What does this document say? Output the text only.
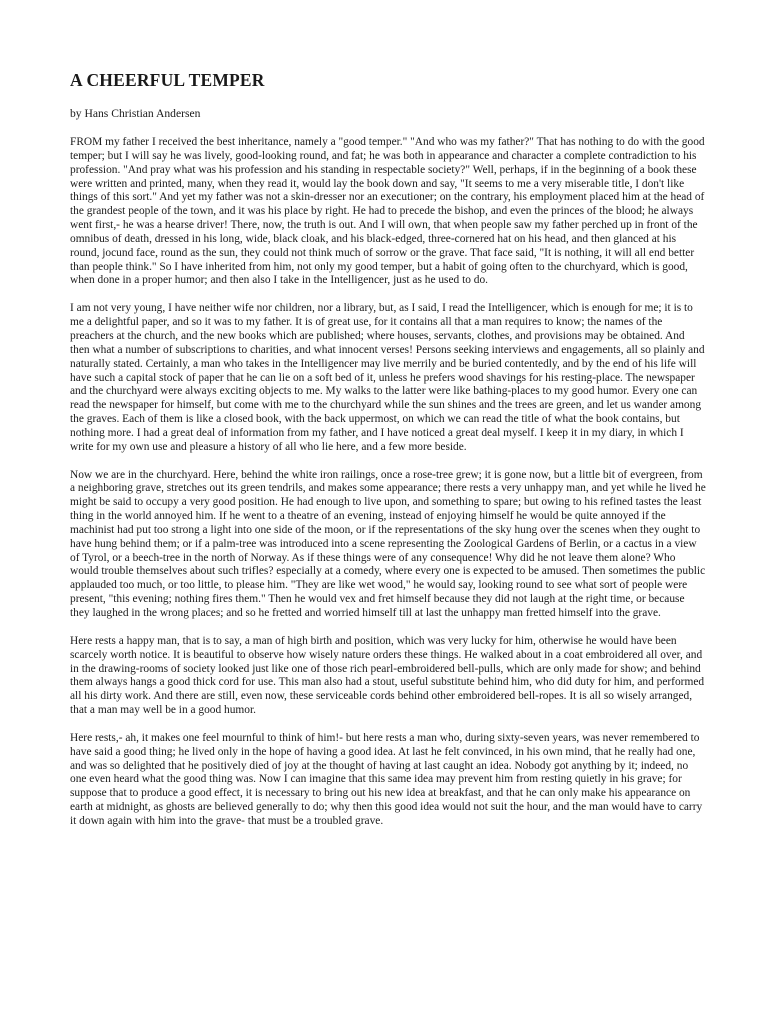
A CHEERFUL TEMPER

by Hans Christian Andersen

FROM my father I received the best inheritance, namely a "good temper." "And who was my father?" That has nothing to do with the good temper; but I will say he was lively, good-looking round, and fat; he was both in appearance and character a complete contradiction to his profession. "And pray what was his profession and his standing in respectable society?" Well, perhaps, if in the beginning of a book these were written and printed, many, when they read it, would lay the book down and say, "It seems to me a very miserable title, I don't like things of this sort." And yet my father was not a skin-dresser nor an executioner; on the contrary, his employment placed him at the head of the grandest people of the town, and it was his place by right. He had to precede the bishop, and even the princes of the blood; he always went first,- he was a hearse driver! There, now, the truth is out. And I will own, that when people saw my father perched up in front of the omnibus of death, dressed in his long, wide, black cloak, and his black-edged, three-cornered hat on his head, and then glanced at his round, jocund face, round as the sun, they could not think much of sorrow or the grave. That face said, "It is nothing, it will all end better than people think." So I have inherited from him, not only my good temper, but a habit of going often to the churchyard, which is good, when done in a proper humor; and then also I take in the Intelligencer, just as he used to do.

I am not very young, I have neither wife nor children, nor a library, but, as I said, I read the Intelligencer, which is enough for me; it is to me a delightful paper, and so it was to my father. It is of great use, for it contains all that a man requires to know; the names of the preachers at the church, and the new books which are published; where houses, servants, clothes, and provisions may be obtained. And then what a number of subscriptions to charities, and what innocent verses! Persons seeking interviews and engagements, all so plainly and naturally stated. Certainly, a man who takes in the Intelligencer may live merrily and be buried contentedly, and by the end of his life will have such a capital stock of paper that he can lie on a soft bed of it, unless he prefers wood shavings for his resting-place. The newspaper and the churchyard were always exciting objects to me. My walks to the latter were like bathing-places to my good humor. Every one can read the newspaper for himself, but come with me to the churchyard while the sun shines and the trees are green, and let us wander among the graves. Each of them is like a closed book, with the back uppermost, on which we can read the title of what the book contains, but nothing more. I had a great deal of information from my father, and I have noticed a great deal myself. I keep it in my diary, in which I write for my own use and pleasure a history of all who lie here, and a few more beside.

Now we are in the churchyard. Here, behind the white iron railings, once a rose-tree grew; it is gone now, but a little bit of evergreen, from a neighboring grave, stretches out its green tendrils, and makes some appearance; there rests a very unhappy man, and yet while he lived he might be said to occupy a very good position. He had enough to live upon, and something to spare; but owing to his refined tastes the least thing in the world annoyed him. If he went to a theatre of an evening, instead of enjoying himself he would be quite annoyed if the machinist had put too strong a light into one side of the moon, or if the representations of the sky hung over the scenes when they ought to have hung behind them; or if a palm-tree was introduced into a scene representing the Zoological Gardens of Berlin, or a cactus in a view of Tyrol, or a beech-tree in the north of Norway. As if these things were of any consequence! Why did he not leave them alone? Who would trouble themselves about such trifles? especially at a comedy, where every one is expected to be amused. Then sometimes the public applauded too much, or too little, to please him. "They are like wet wood," he would say, looking round to see what sort of people were present, "this evening; nothing fires them." Then he would vex and fret himself because they did not laugh at the right time, or because they laughed in the wrong places; and so he fretted and worried himself till at last the unhappy man fretted himself into the grave.

Here rests a happy man, that is to say, a man of high birth and position, which was very lucky for him, otherwise he would have been scarcely worth notice. It is beautiful to observe how wisely nature orders these things. He walked about in a coat embroidered all over, and in the drawing-rooms of society looked just like one of those rich pearl-embroidered bell-pulls, which are only made for show; and behind them always hangs a good thick cord for use. This man also had a stout, useful substitute behind him, who did duty for him, and performed all his dirty work. And there are still, even now, these serviceable cords behind other embroidered bell-ropes. It is all so wisely arranged, that a man may well be in a good humor.

Here rests,- ah, it makes one feel mournful to think of him!- but here rests a man who, during sixty-seven years, was never remembered to have said a good thing; he lived only in the hope of having a good idea. At last he felt convinced, in his own mind, that he really had one, and was so delighted that he positively died of joy at the thought of having at last caught an idea. Nobody got anything by it; indeed, no one even heard what the good thing was. Now I can imagine that this same idea may prevent him from resting quietly in his grave; for suppose that to produce a good effect, it is necessary to bring out his new idea at breakfast, and that he can only make his appearance on earth at midnight, as ghosts are believed generally to do; why then this good idea would not suit the hour, and the man would have to carry it down again with him into the grave- that must be a troubled grave.
